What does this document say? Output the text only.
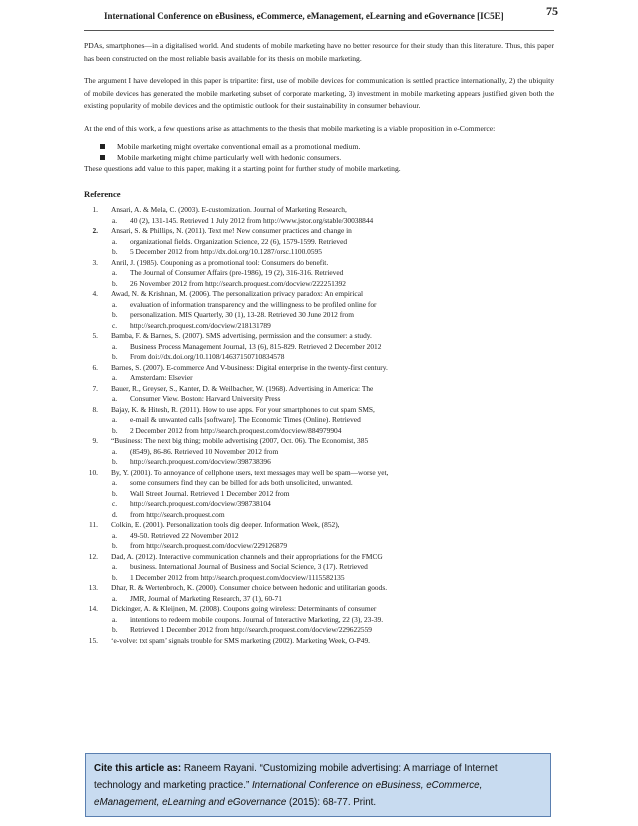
International Conference on eBusiness, eCommerce, eManagement, eLearning and eGovernance [IC5E]	75

PDAs, smartphones—in a digitalised world. And students of mobile marketing have no better resource for their study than this literature. Thus, this paper has been constructed on the most reliable basis available for its thesis on mobile marketing.

The argument I have developed in this paper is tripartite: first, use of mobile devices for communication is settled practice internationally, 2) the ubiquity of mobile devices has generated the mobile marketing subset of corporate marketing, 3) investment in mobile marketing appears justified given both the existing popularity of mobile devices and the optimistic outlook for their sustainability in consumer behaviour.

At the end of this work, a few questions arise as attachments to the thesis that mobile marketing is a viable proposition in e-Commerce:

Mobile marketing might overtake conventional email as a promotional medium.
Mobile marketing might chime particularly well with hedonic consumers.

These questions add value to this paper, making it a starting point for further study of mobile marketing.

Reference
1. Ansari, A. & Mela, C. (2003). E-customization. Journal of Marketing Research,
a. 40 (2), 131-145. Retrieved 1 July 2012 from http://www.jstor.org/stable/30038844
2. Ansari, S. & Phillips, N. (2011). Text me! New consumer practices and change in
a. organizational fields. Organization Science, 22 (6), 1579-1599. Retrieved
b. 5 December 2012 from http://dx.doi.org/10.1287/orsc.1100.0595
3. Anril, J. (1985). Couponing as a promotional tool: Consumers do benefit.
a. The Journal of Consumer Affairs (pre-1986), 19 (2), 316-316. Retrieved
b. 26 November 2012 from http://search.proquest.com/docview/222251392
4. Awad, N. & Krishnan, M. (2006). The personalization privacy paradox: An empirical
a. evaluation of information transparency and the willingness to be profiled online for
b. personalization. MIS Quarterly, 30 (1), 13-28. Retrieved 30 June 2012 from
c. http://search.proquest.com/docview/218131789
5. Bamba, F. & Barnes, S. (2007). SMS advertising, permission and the consumer: a study.
a. Business Process Management Journal, 13 (6), 815-829. Retrieved 2 December 2012
b. From doi://dx.doi.org/10.1108/14637150710834578
6. Barnes, S. (2007). E-commerce And V-business: Digital enterprise in the twenty-first century.
a. Amsterdam: Elsevier
7. Bauer, R., Greyser, S., Kanter, D. & Weilbacher, W. (1968). Advertising in America: The
a. Consumer View. Boston: Harvard University Press
8. Bajay, K. & Hitesh, R. (2011). How to use apps. For your smartphones to cut spam SMS,
a. e-mail & unwanted calls [software]. The Economic Times (Online). Retrieved
b. 2 December 2012 from http://search.proquest.com/docview/884979904
9. “Business: The next big thing; mobile advertising (2007, Oct. 06). The Economist, 385
a. (8549), 86-86. Retrieved 10 November 2012 from
b. http://search.proquest.com/docview/398738396
10. By, Y. (2001). To annoyance of cellphone users, text messages may well be spam—worse yet,
a. some consumers find they can be billed for ads both unsolicited, unwanted.
b. Wall Street Journal. Retrieved 1 December 2012 from
c. http://search.proquest.com/docview/398738104
d. from http://search.proquest.com
11. Colkin, E. (2001). Personalization tools dig deeper. Information Week, (852),
a. 49-50. Retrieved 22 November 2012
b. from http://search.proquest.com/docview/229126879
12. Dad, A. (2012). Interactive communication channels and their appropriations for the FMCG
a. business. International Journal of Business and Social Science, 3 (17). Retrieved
b. 1 December 2012 from http://search.proquest.com/docview/1115582135
13. Dhar, R. & Wertenbroch, K. (2000). Consumer choice between hedonic and utilitarian goods.
a. JMR, Journal of Marketing Research, 37 (1), 60-71
14. Dickinger, A. & Kleijnen, M. (2008). Coupons going wireless: Determinants of consumer
a. intentions to redeem mobile coupons. Journal of Interactive Marketing, 22 (3), 23-39.
b. Retrieved 1 December 2012 from http://search.proquest.com/docview/229622559
15. ‘e-volve: txt spam’ signals trouble for SMS marketing (2002). Marketing Week, O-P49.
Cite this article as: Raneem Rayani. “Customizing mobile advertising: A marriage of Internet technology and marketing practice.” International Conference on eBusiness, eCommerce, eManagement, eLearning and eGovernance (2015): 68-77. Print.
